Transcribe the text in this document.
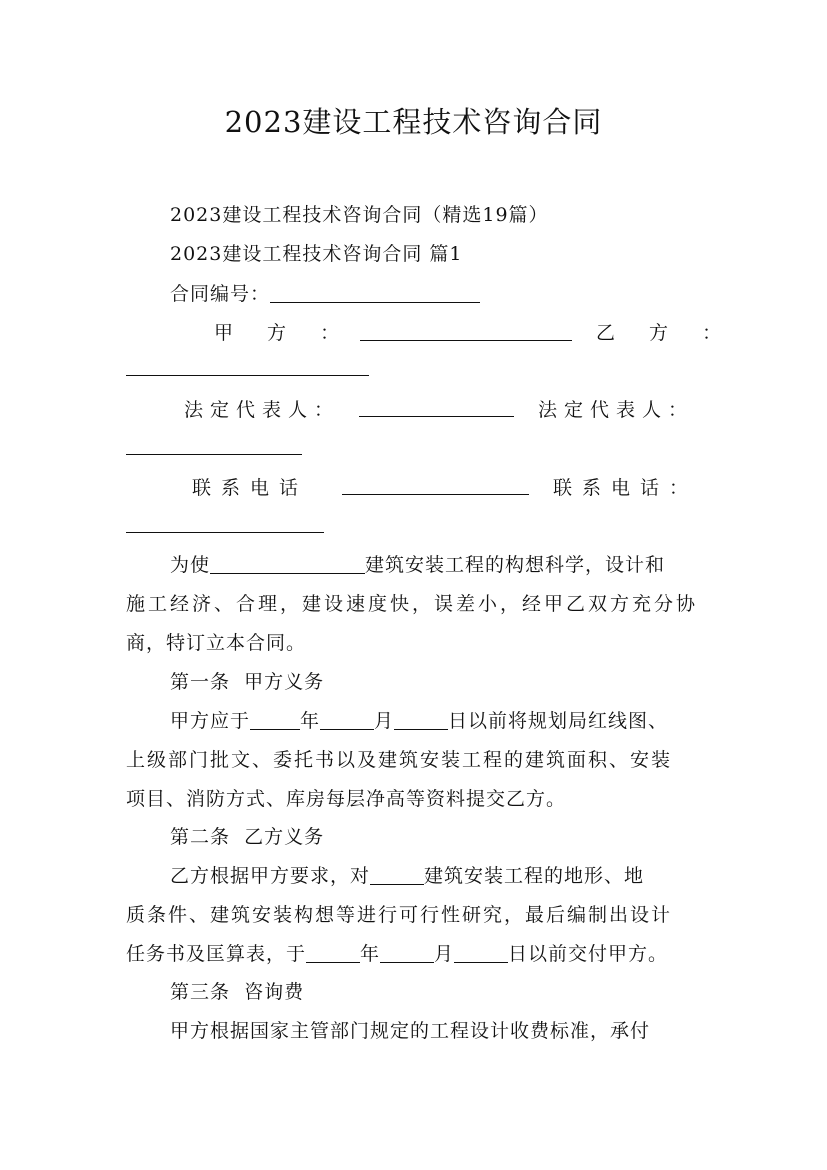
2023建设工程技术咨询合同
2023建设工程技术咨询合同（精选19篇）
2023建设工程技术咨询合同 篇1
合同编号：
甲 方 ：	乙 方 ：
法定代表人：	法定代表人：
联系电话	联系电话：
为使	建筑安装工程的构想科学，设计和
施工经济、合理，建设速度快，误差小，经甲乙双方充分协
商，特订立本合同。
第一条  甲方义务
甲方应于	年	月	日以前将规划局红线图、
上级部门批文、委托书以及建筑安装工程的建筑面积、安装
项目、消防方式、库房每层净高等资料提交乙方。
第二条  乙方义务
乙方根据甲方要求，对	建筑安装工程的地形、地
质条件、建筑安装构想等进行可行性研究，最后编制出设计
任务书及匡算表，于	年	月	日以前交付甲方。
第三条  咨询费
甲方根据国家主管部门规定的工程设计收费标准，承付
